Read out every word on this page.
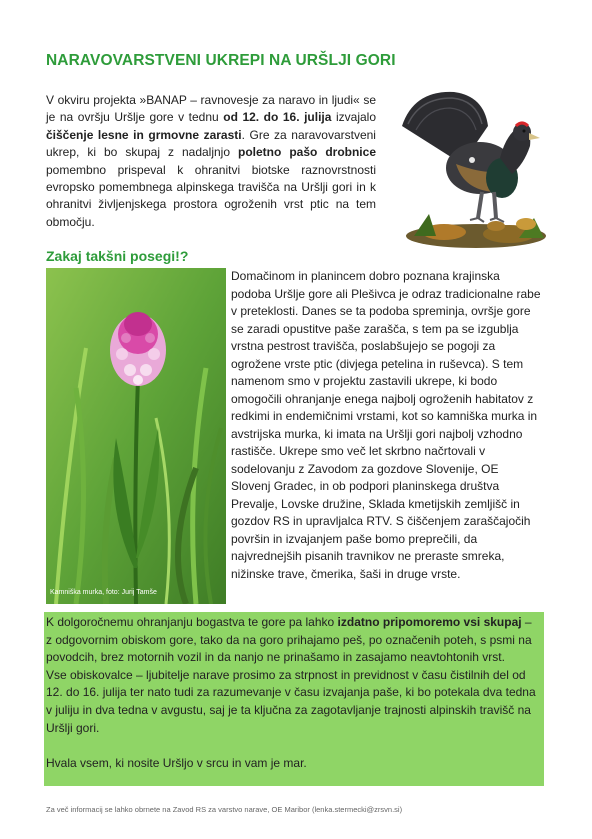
NARAVOVARSTVENI UKREPI NA URŠLJI GORI

V okviru projekta »BANAP – ravnovesje za naravo in ljudi« se je na ovršju Uršlje gore v tednu od 12. do 16. julija izvajalo čiščenje lesne in grmovne zarasti. Gre za naravovarstveni ukrep, ki bo skupaj z nadaljnjo poletno pašo drobnice pomembno prispeval k ohranitvi biotske raznovrstnosti evropsko pomembnega alpinskega travišča na Uršlji gori in k ohranitvi življenjskega prostora ogroženih vrst ptic na tem območju.

Zakaj takšni posegi!?
Kamniška murka, foto: Jurij Tamše

Domačinom in planincem dobro poznana krajinska podoba Uršlje gore ali Plešivca je odraz tradicionalne rabe v preteklosti. Danes se ta podoba spreminja, ovršje gore se zaradi opustitve paše zarašča, s tem pa se izgublja vrstna pestrost travišča, poslabšujejo se pogoji za ogrožene vrste ptic (divjega petelina in ruševca). S tem namenom smo v projektu zastavili ukrepe, ki bodo omogočili ohranjanje enega najbolj ogroženih habitatov z redkimi in endemičnimi vrstami, kot so kamniška murka in avstrijska murka, ki imata na Uršlji gori najbolj vzhodno rastišče. Ukrepe smo več let skrbno načrtovali v sodelovanju z Zavodom za gozdove Slovenije, OE Slovenj Gradec, in ob podpori planinskega društva Prevalje, Lovske družine, Sklada kmetijskih zemljišč in gozdov RS in upravljalca RTV. S čiščenjem zaraščajočih površin in izvajanjem paše bomo preprečili, da najvrednejših pisanih travnikov ne preraste smreka, nižinske trave, čmerika, šaši in druge vrste.

K dolgoročnemu ohranjanju bogastva te gore pa lahko izdatno pripomoremo vsi skupaj – z odgovornim obiskom gore, tako da na goro prihajamo peš, po označenih poteh, s psmi na povodcih, brez motornih vozil in da nanjo ne prinašamo in zasajamo neavtohtonih vrst.

Vse obiskovalce – ljubitelje narave prosimo za strpnost in previdnost v času čistilnih del od 12. do 16. julija ter nato tudi za razumevanje v času izvajanja paše, ki bo potekala dva tedna v juliju in dva tedna v avgustu, saj je ta ključna za zagotavljanje trajnosti alpinskih travišč na Uršlji gori.

Hvala vsem, ki nosite Uršljo v srcu in vam je mar.

Za več informacij se lahko obrnete na Zavod RS za varstvo narave, OE Maribor (lenka.stermecki@zrsvn.si)
